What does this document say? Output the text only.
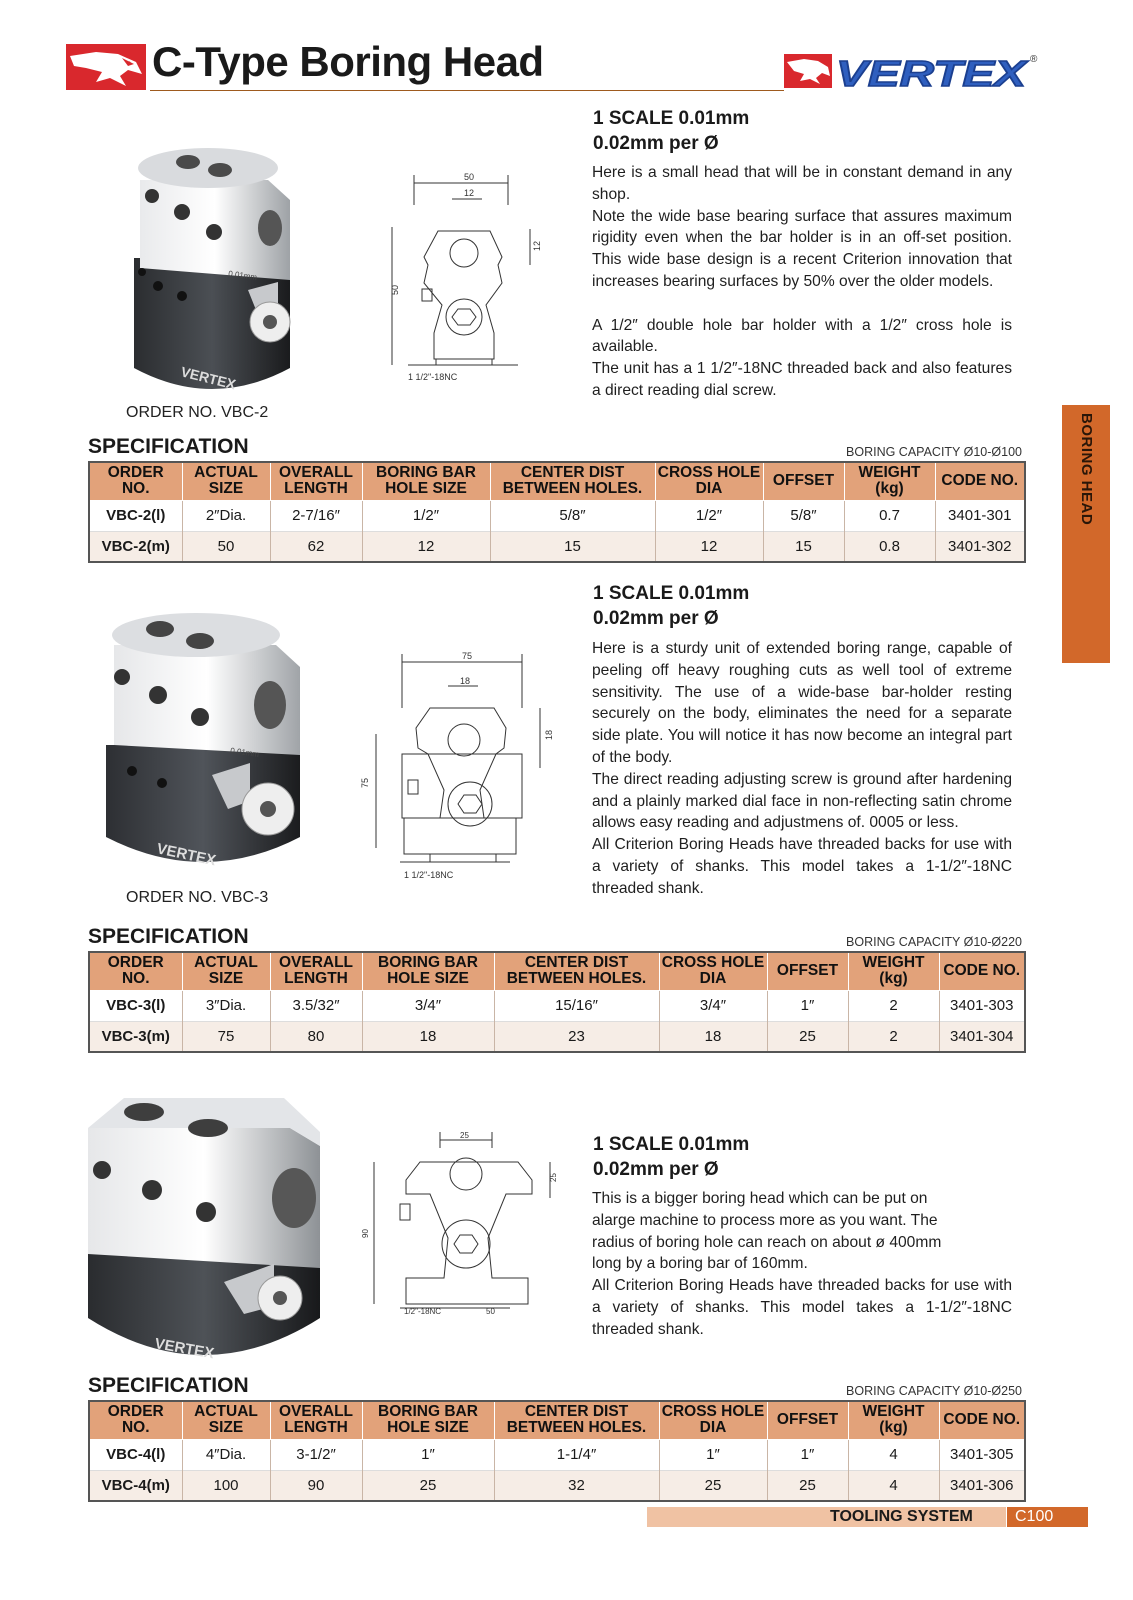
C-Type Boring Head	VERTEX ®
BORING HEAD
0.01mm
VERTEX
ORDER NO. VBC-2
50
12
50
12
1 1/2"-18NC
1 SCALE 0.01mm
0.02mm per Ø

Here is a small head that will be in constant demand in any shop.

Note the wide base bearing surface that assures maximum rigidity even when the bar holder is in an off-set position. This wide base design is a recent Criterion innovation that increases bearing surfaces by 50% over the older models.

A 1/2″ double hole bar holder with a 1/2″ cross hole is available.

The unit has a 1 1/2″-18NC threaded back and also features a direct reading dial screw.

SPECIFICATION	BORING CAPACITY Ø10-Ø100
ORDER NO.	ACTUAL SIZE	OVERALL LENGTH	BORING BAR HOLE SIZE	CENTER DIST BETWEEN HOLES.	CROSS HOLE DIA	OFFSET	WEIGHT (kg)	CODE NO.
VBC-2(l)	2″Dia.	2-7/16″	1/2″	5/8″	1/2″	5/8″	0.7	3401-301
VBC-2(m)	50	62	12	15	12	15	0.8	3401-302
0.01mm
VERTEX
ORDER NO. VBC-3
75
18
75
18
1 1/2"-18NC
1 SCALE 0.01mm
0.02mm per Ø

Here is a sturdy unit of extended boring range, capable of peeling off heavy roughing cuts as well tool of extreme sensitivity. The use of a wide-base bar-holder resting securely on the body, eliminates the need for a separate side plate. You will notice it has now become an integral part of the body.

The direct reading adjusting screw is ground after hardening and a plainly marked dial face in non-reflecting satin chrome allows easy reading and adjustmens of. 0005 or less.

All Criterion Boring Heads have threaded backs for use with a variety of shanks. This model takes a 1-1/2″-18NC threaded shank.

SPECIFICATION	BORING CAPACITY Ø10-Ø220
ORDER NO.	ACTUAL SIZE	OVERALL LENGTH	BORING BAR HOLE SIZE	CENTER DIST BETWEEN HOLES.	CROSS HOLE DIA	OFFSET	WEIGHT (kg)	CODE NO.
VBC-3(l)	3″Dia.	3.5/32″	3/4″	15/16″	3/4″	1″	2	3401-303
VBC-3(m)	75	80	18	23	18	25	2	3401-304
VERTEX
25
90
25
1/2"-18NC	50
1 SCALE 0.01mm
0.02mm per Ø

This is a bigger boring head which can be put on alarge machine to process more as you want. The radius of boring hole can reach on about ø 400mm long by a boring bar of 160mm.

All Criterion Boring Heads have threaded backs for use with a variety of shanks. This model takes a 1-1/2″-18NC threaded shank.

SPECIFICATION	BORING CAPACITY Ø10-Ø250
ORDER NO.	ACTUAL SIZE	OVERALL LENGTH	BORING BAR HOLE SIZE	CENTER DIST BETWEEN HOLES.	CROSS HOLE DIA	OFFSET	WEIGHT (kg)	CODE NO.
VBC-4(l)	4″Dia.	3-1/2″	1″	1-1/4″	1″	1″	4	3401-305
VBC-4(m)	100	90	25	32	25	25	4	3401-306
TOOLING SYSTEM	C100
